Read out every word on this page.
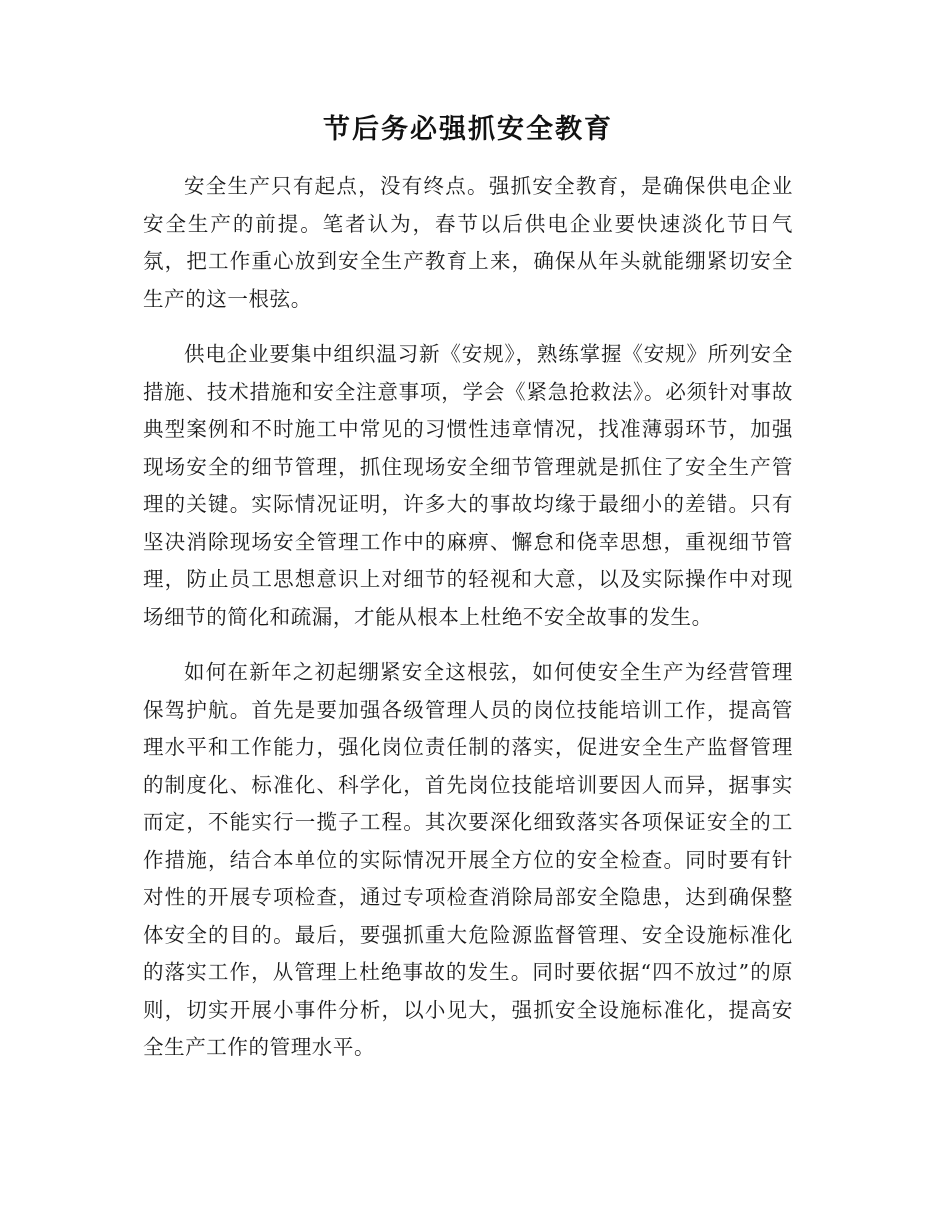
节后务必强抓安全教育

安全生产只有起点，没有终点。强抓安全教育，是确保供电企业安全生产的前提。笔者认为，春节以后供电企业要快速淡化节日气氛，把工作重心放到安全生产教育上来，确保从年头就能绷紧切安全生产的这一根弦。

供电企业要集中组织温习新《安规》，熟练掌握《安规》所列安全措施、技术措施和安全注意事项，学会《紧急抢救法》。必须针对事故典型案例和不时施工中常见的习惯性违章情况，找准薄弱环节，加强现场安全的细节管理，抓住现场安全细节管理就是抓住了安全生产管理的关键。实际情况证明，许多大的事故均缘于最细小的差错。只有坚决消除现场安全管理工作中的麻痹、懈怠和侥幸思想，重视细节管理，防止员工思想意识上对细节的轻视和大意，以及实际操作中对现场细节的简化和疏漏，才能从根本上杜绝不安全故事的发生。

如何在新年之初起绷紧安全这根弦，如何使安全生产为经营管理保驾护航。首先是要加强各级管理人员的岗位技能培训工作，提高管理水平和工作能力，强化岗位责任制的落实，促进安全生产监督管理的制度化、标准化、科学化，首先岗位技能培训要因人而异，据事实而定，不能实行一揽子工程。其次要深化细致落实各项保证安全的工作措施，结合本单位的实际情况开展全方位的安全检查。同时要有针对性的开展专项检查，通过专项检查消除局部安全隐患，达到确保整体安全的目的。最后，要强抓重大危险源监督管理、安全设施标准化的落实工作，从管理上杜绝事故的发生。同时要依据“四不放过”的原则，切实开展小事件分析，以小见大，强抓安全设施标准化，提高安全生产工作的管理水平。
